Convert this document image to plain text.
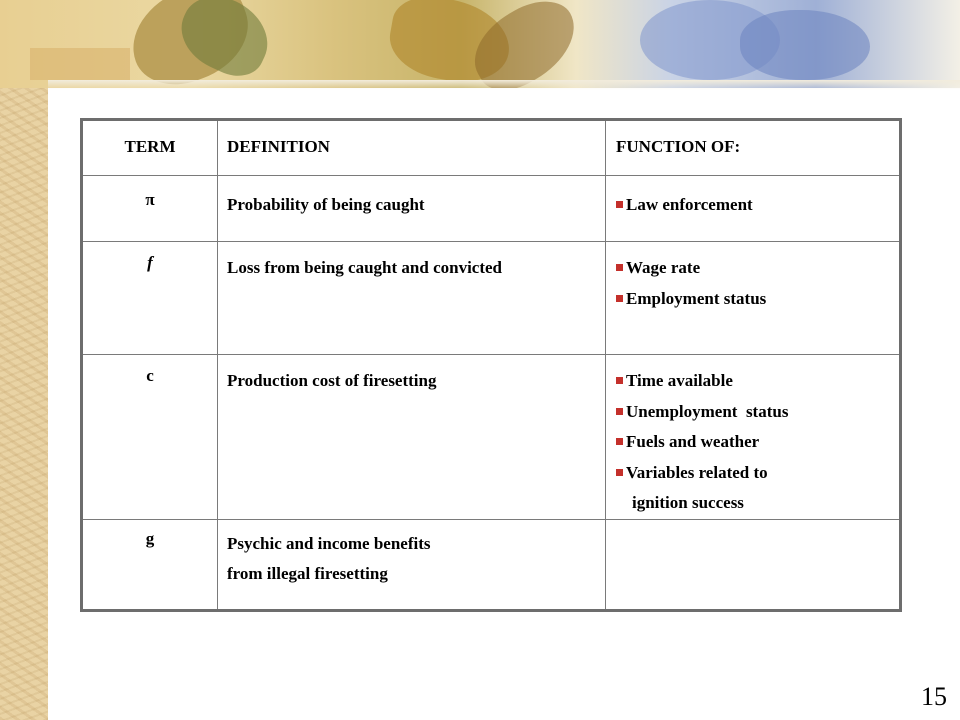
TERM	DEFINITION	FUNCTION OF:

π	Probability of being caught	Law enforcement

f	Loss from being caught and convicted	Wage rate
Employment status

c	Production cost of firesetting	Time available
Unemployment  status
Fuels and weather
Variables related to
ignition success

g	Psychic and income benefits
from illegal firesetting	

15
